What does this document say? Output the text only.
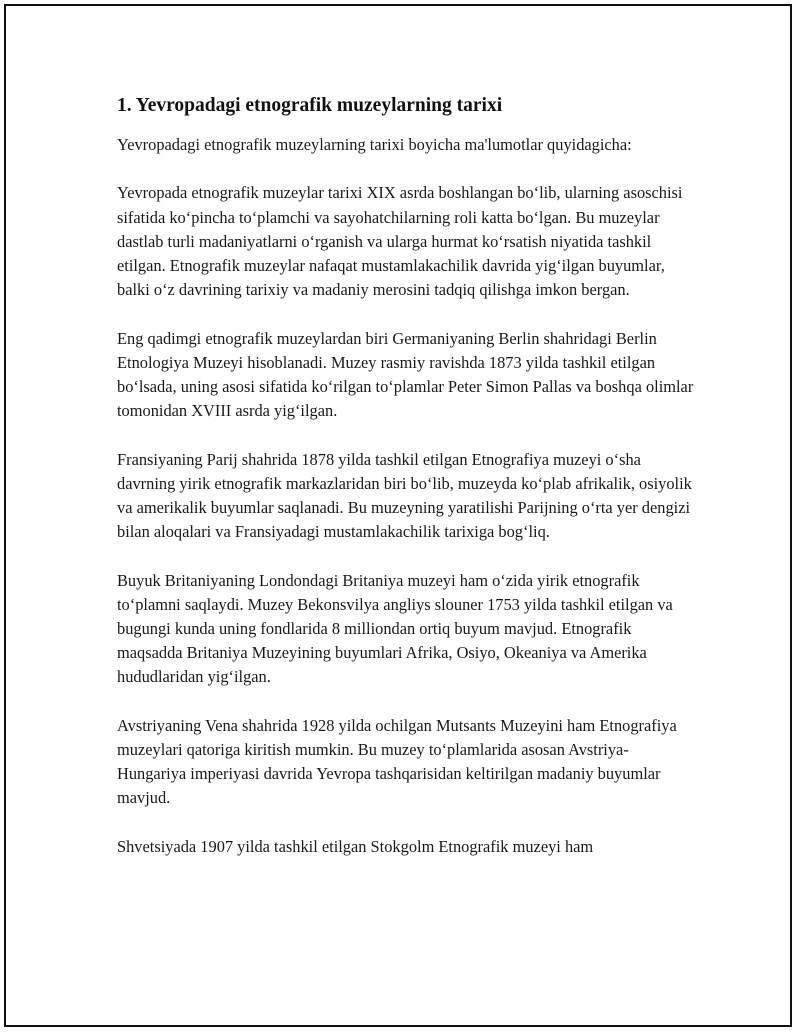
1. Yevropadagi etnografik muzeylarning tarixi

Yevropadagi etnografik muzeylarning tarixi boyicha ma'lumotlar quyidagicha:

Yevropada etnografik muzeylar tarixi XIX asrda boshlangan bo‘lib, ularning asoschisi sifatida ko‘pincha to‘plamchi va sayohatchilarning roli katta bo‘lgan. Bu muzeylar dastlab turli madaniyatlarni o‘rganish va ularga hurmat ko‘rsatish niyatida tashkil etilgan. Etnografik muzeylar nafaqat mustamlakachilik davrida yig‘ilgan buyumlar, balki o‘z davrining tarixiy va madaniy merosini tadqiq qilishga imkon bergan.

Eng qadimgi etnografik muzeylardan biri Germaniyaning Berlin shahridagi Berlin Etnologiya Muzeyi hisoblanadi. Muzey rasmiy ravishda 1873 yilda tashkil etilgan bo‘lsada, uning asosi sifatida ko‘rilgan to‘plamlar Peter Simon Pallas va boshqa olimlar tomonidan XVIII asrda yig‘ilgan.

Fransiyaning Parij shahrida 1878 yilda tashkil etilgan Etnografiya muzeyi o‘sha davrning yirik etnografik markazlaridan biri bo‘lib, muzeyda ko‘plab afrikalik, osiyolik va amerikalik buyumlar saqlanadi. Bu muzeyning yaratilishi Parijning o‘rta yer dengizi bilan aloqalari va Fransiyadagi mustamlakachilik tarixiga bog‘liq.

Buyuk Britaniyaning Londondagi Britaniya muzeyi ham o‘zida yirik etnografik to‘plamni saqlaydi. Muzey Bekonsvilya angliys slouner 1753 yilda tashkil etilgan va bugungi kunda uning fondlarida 8 milliondan ortiq buyum mavjud. Etnografik maqsadda Britaniya Muzeyining buyumlari Afrika, Osiyo, Okeaniya va Amerika hududlaridan yig‘ilgan.

Avstriyaning Vena shahrida 1928 yilda ochilgan Mutsants Muzeyini ham Etnografiya muzeylari qatoriga kiritish mumkin. Bu muzey to‘plamlarida asosan Avstriya-Hungariya imperiyasi davrida Yevropa tashqarisidan keltirilgan madaniy buyumlar mavjud.

Shvetsiyada 1907 yilda tashkil etilgan Stokgolm Etnografik muzeyi ham
